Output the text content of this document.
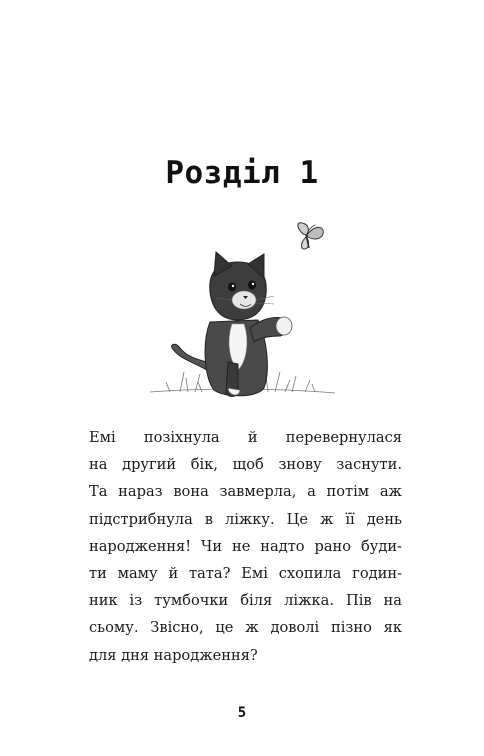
Розділ 1
Емі позіхнула й перевернулася
на другий бік, щоб знову заснути.
Та нараз вона завмерла, а потім аж
підстрибнула в ліжку. Це ж її день
народження! Чи не надто рано буди-
ти маму й тата? Емі схопила годин-
ник із тумбочки біля ліжка. Пів на
сьому. Звісно, це ж доволі пізно як
для дня народження?
5
